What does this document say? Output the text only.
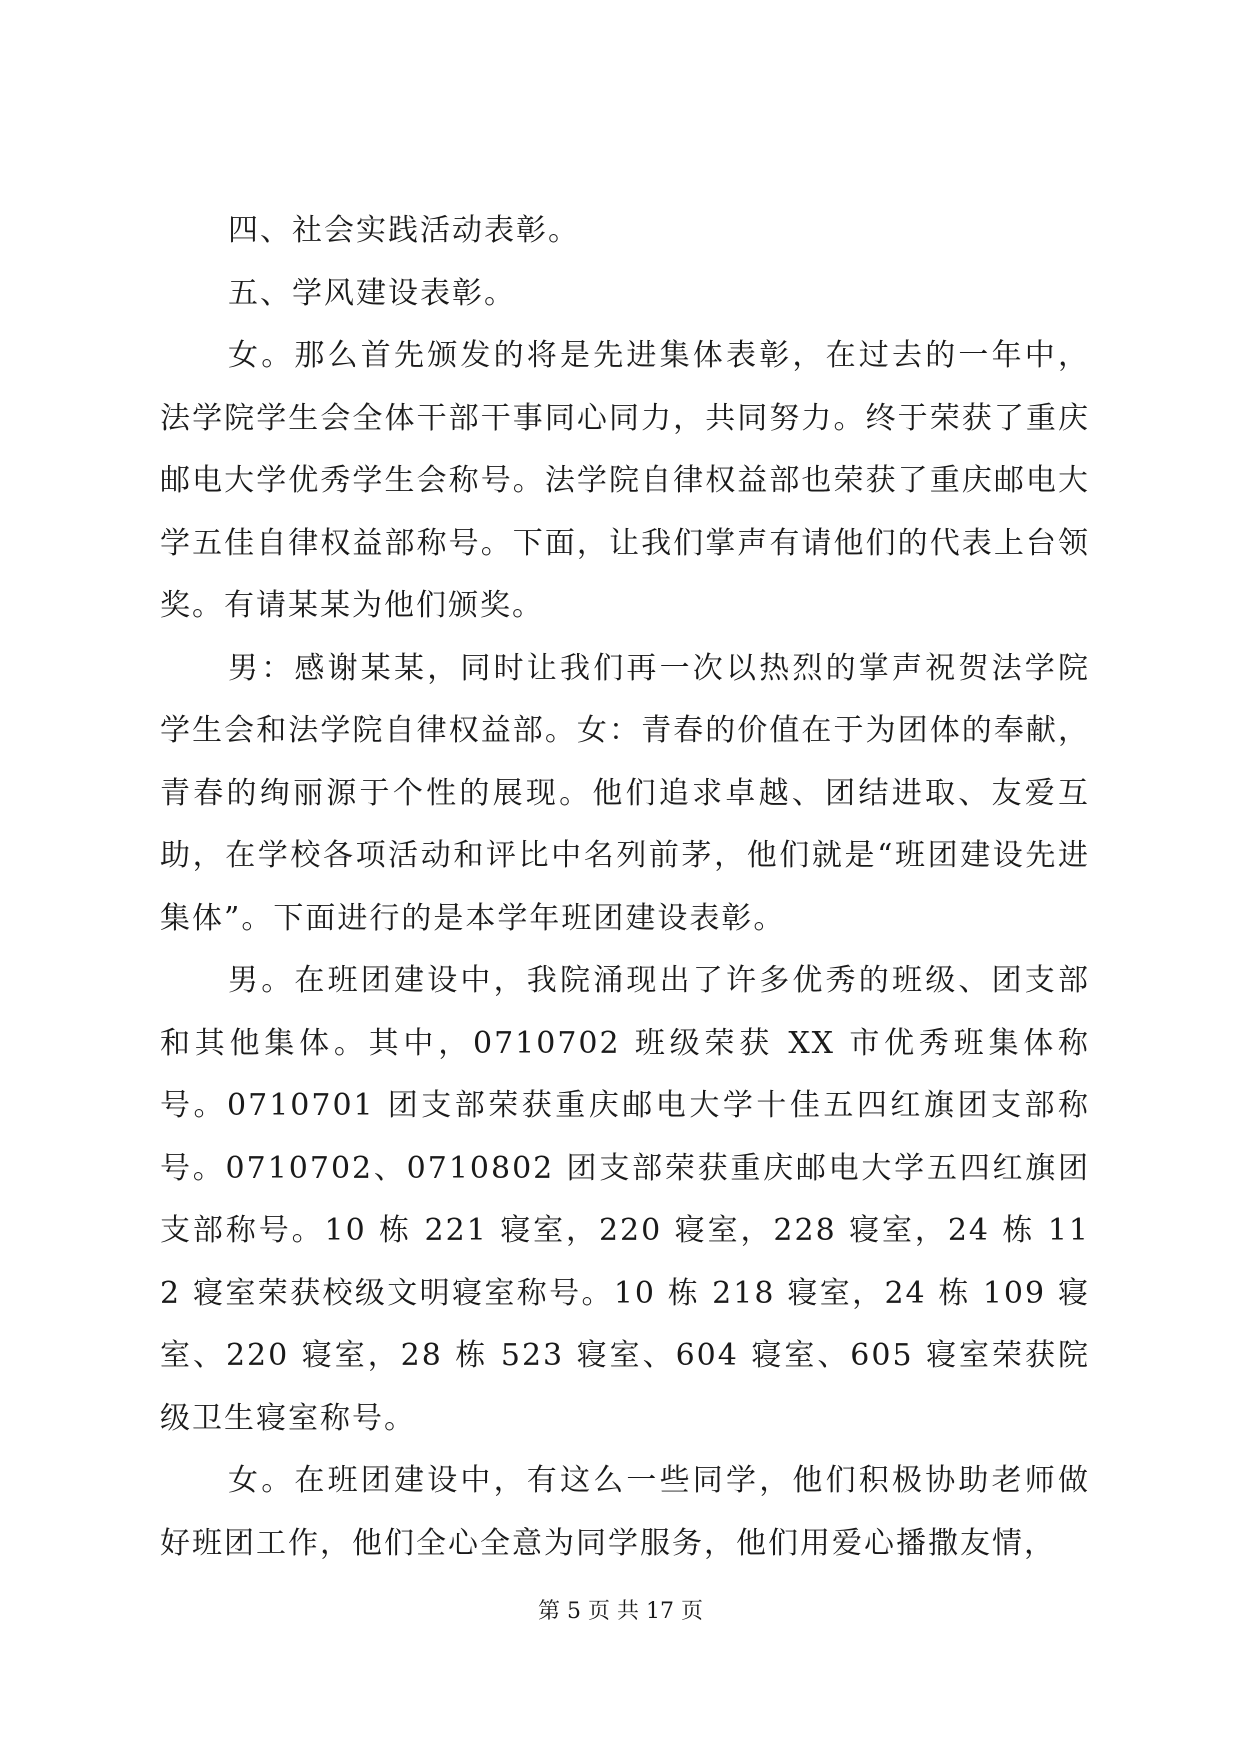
四、社会实践活动表彰。

五、学风建设表彰。

女。那么首先颁发的将是先进集体表彰，在过去的一年中，法学院学生会全体干部干事同心同力，共同努力。终于荣获了重庆邮电大学优秀学生会称号。法学院自律权益部也荣获了重庆邮电大学五佳自律权益部称号。下面，让我们掌声有请他们的代表上台领奖。有请某某为他们颁奖。

男：感谢某某，同时让我们再一次以热烈的掌声祝贺法学院学生会和法学院自律权益部。女：青春的价值在于为团体的奉献，青春的绚丽源于个性的展现。他们追求卓越、团结进取、友爱互助，在学校各项活动和评比中名列前茅，他们就是“班团建设先进集体”。下面进行的是本学年班团建设表彰。

男。在班团建设中，我院涌现出了许多优秀的班级、团支部和其他集体。其中，0710702 班级荣获 XX 市优秀班集体称号。0710701 团支部荣获重庆邮电大学十佳五四红旗团支部称号。0710702、0710802 团支部荣获重庆邮电大学五四红旗团支部称号。10 栋 221 寝室，220 寝室，228 寝室，24 栋 112 寝室荣获校级文明寝室称号。10 栋 218 寝室，24 栋 109 寝室、220 寝室，28 栋 523 寝室、604 寝室、605 寝室荣获院级卫生寝室称号。

女。在班团建设中，有这么一些同学，他们积极协助老师做好班团工作，他们全心全意为同学服务，他们用爱心播撒友情，

第 5 页 共 17 页
